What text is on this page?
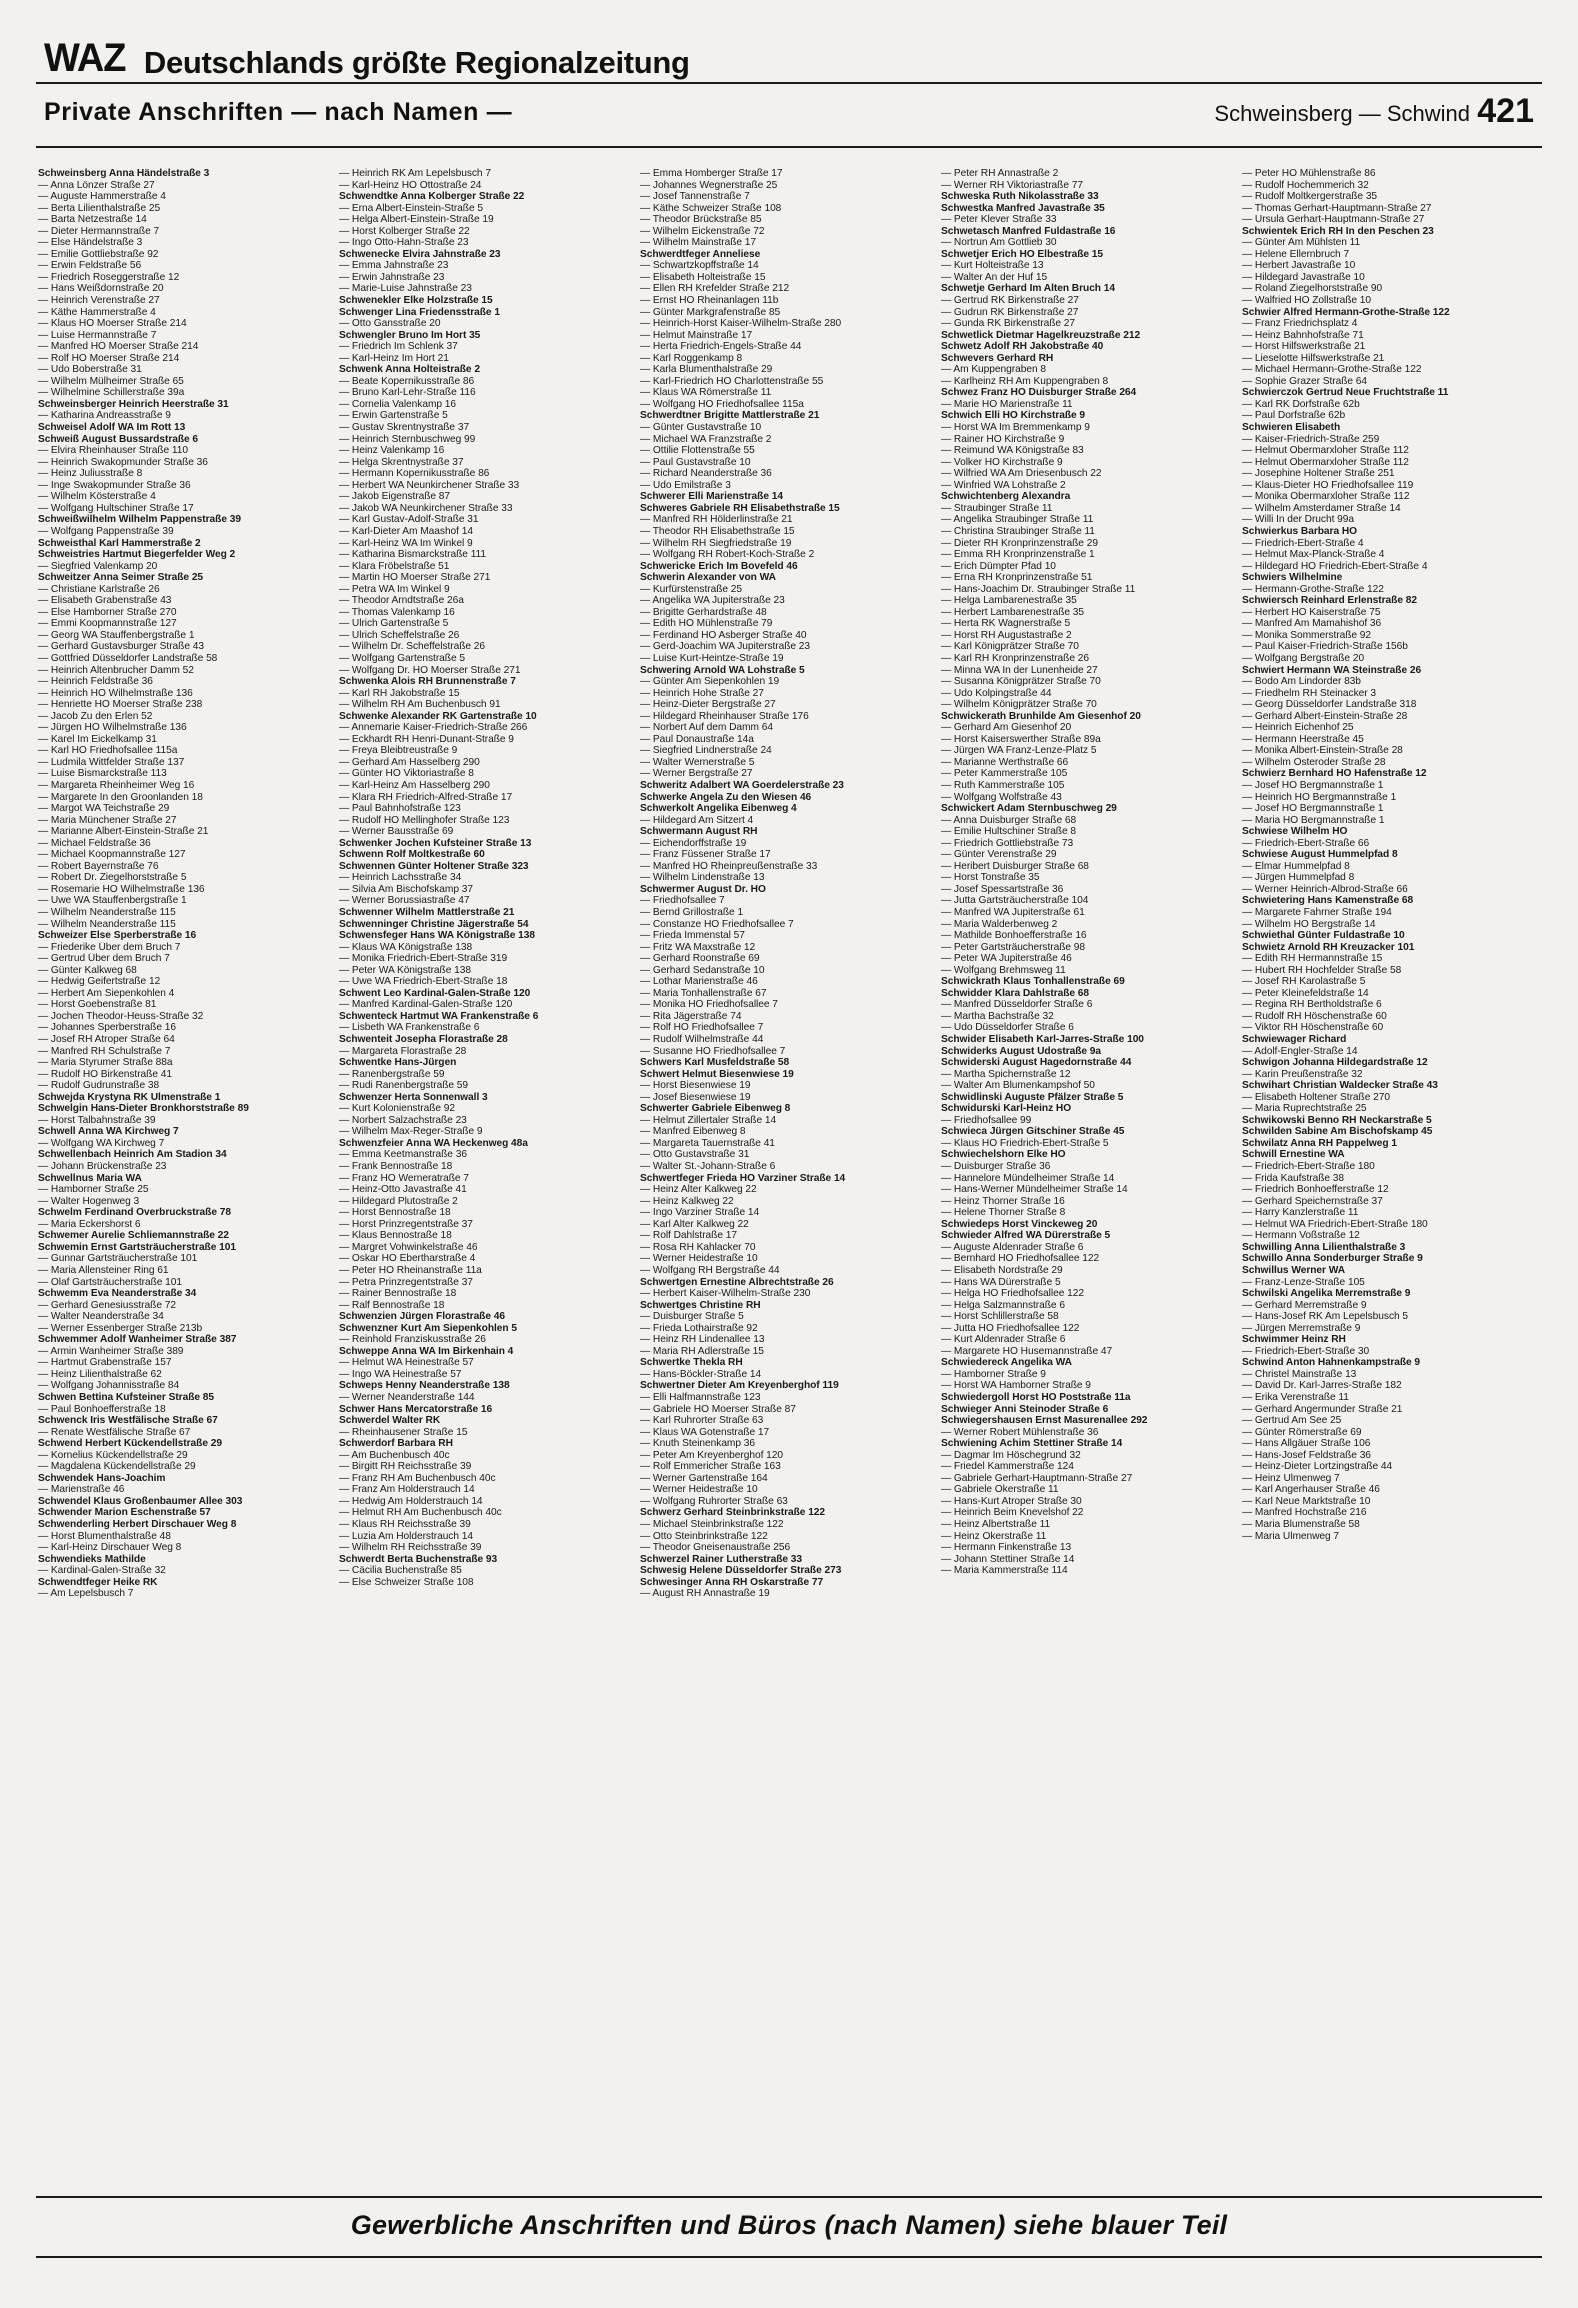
WAZ Deutschlands größte Regionalzeitung
Private Anschriften — nach Namen —	Schweinsberg — Schwind 421
Schweinsberg Anna Händelstraße 3
— Anna Lönzer Straße 27
— Auguste Hammerstraße 4
— Berta Lilienthalstraße 25
— Barta Netzestraße 14
— Dieter Hermannstraße 7
— Else Händelstraße 3
— Emilie Gottliebstraße 92
— Erwin Feldstraße 56
— Friedrich Roseggerstraße 12
— Hans Weißdornstraße 20
— Heinrich Verenstraße 27
— Käthe Hammerstraße 4
— Klaus HO Moerser Straße 214
— Luise Hermannstraße 7
— Manfred HO Moerser Straße 214
— Rolf HO Moerser Straße 214
— Udo Boberstraße 31
— Wilhelm Mülheimer Straße 65
— Wilhelmine Schillerstraße 39a
Schweinsberger Heinrich Heerstraße 31
— Katharina Andreasstraße 9
Schweisel Adolf WA Im Rott 13
Schweiß August Bussardstraße 6
— Elvira Rheinhauser Straße 110
— Heinrich Swakopmunder Straße 36
— Heinz Juliusstraße 8
— Inge Swakopmunder Straße 36
— Wilhelm Kösterstraße 4
— Wolfgang Hultschiner Straße 17
Schweißwilhelm Wilhelm Pappenstraße 39
— Wolfgang Pappenstraße 39
Schweisthal Karl Hammerstraße 2
Schweistries Hartmut Biegerfelder Weg 2
— Siegfried Valenkamp 20
Schweitzer Anna Seimer Straße 25
— Christiane Karlstraße 26
— Elisabeth Grabenstraße 43
— Else Hamborner Straße 270
— Emmi Koopmannstraße 127
— Georg WA Stauffenbergstraße 1
— Gerhard Gustavsburger Straße 43
— Gottfried Düsseldorfer Landstraße 58
— Heinrich Altenbrucher Damm 52
— Heinrich Feldstraße 36
— Heinrich HO Wilhelmstraße 136
— Henriette HO Moerser Straße 238
— Jacob Zu den Erlen 52
— Jürgen HO Wilhelmstraße 136
— Karel Im Eickelkamp 31
— Karl HO Friedhofsallee 115a
— Ludmila Wittfelder Straße 137
— Luise Bismarckstraße 113
— Margareta Rheinheimer Weg 16
— Margarete In den Groonlanden 18
— Margot WA Teichstraße 29
— Maria Münchener Straße 27
— Marianne Albert-Einstein-Straße 21
— Michael Feldstraße 36
— Michael Koopmannstraße 127
— Robert Bayernstraße 76
— Robert Dr. Ziegelhorststraße 5
— Rosemarie HO Wilhelmstraße 136
— Uwe WA Stauffenbergstraße 1
— Wilhelm Neanderstraße 115
— Wilhelm Neanderstraße 115
Schweizer Else Sperberstraße 16
— Friederike Über dem Bruch 7
— Gertrud Über dem Bruch 7
— Günter Kalkweg 68
— Hedwig Geifertstraße 12
— Herbert Am Siepenkohlen 4
— Horst Goebenstraße 81
— Jochen Theodor-Heuss-Straße 32
— Johannes Sperberstraße 16
— Josef RH Atroper Straße 64
— Manfred RH Schulstraße 7
— Maria Styrumer Straße 88a
— Rudolf HO Birkenstraße 41
— Rudolf Gudrunstraße 38
Schwejda Krystyna RK Ulmenstraße 1
Schwelgin Hans-Dieter Bronkhorststraße 89
— Horst Talbahnstraße 39
Schwell Anna WA Kirchweg 7
— Wolfgang WA Kirchweg 7
Schwellenbach Heinrich Am Stadion 34
— Johann Brückenstraße 23
Schwellnus Maria WA
— Hamborner Straße 25
— Walter Hogenweg 3
Schwelm Ferdinand Overbruckstraße 78
— Maria Eckershorst 6
Schwemer Aurelie Schliemannstraße 22
Schwemin Ernst Gartsträucherstraße 101
— Gunnar Gartsträucherstraße 101
— Maria Allensteiner Ring 61
— Olaf Gartsträucherstraße 101
Schwemm Eva Neanderstraße 34
— Gerhard Genesiusstraße 72
— Walter Neanderstraße 34
— Werner Essenberger Straße 213b
Schwemmer Adolf Wanheimer Straße 387
— Armin Wanheimer Straße 389
— Hartmut Grabenstraße 157
— Heinz Lilienthalstraße 62
— Wolfgang Johannisstraße 84
Schwen Bettina Kufsteiner Straße 85
— Paul Bonhoefferstraße 18
Schwenck Iris Westfälische Straße 67
— Renate Westfälische Straße 67
Schwend Herbert Kückendellstraße 29
— Kornelius Kückendellstraße 29
— Magdalena Kückendellstraße 29
Schwendek Hans-Joachim
— Marienstraße 46
Schwendel Klaus Großenbaumer Allee 303
Schwender Marion Eschenstraße 57
Schwenderling Herbert Dirschauer Weg 8
— Horst Blumenthalstraße 48
— Karl-Heinz Dirschauer Weg 8
Schwendieks Mathilde
— Kardinal-Galen-Straße 32
Schwendtfeger Heike RK
— Am Lepelsbusch 7
— Heinrich RK Am Lepelsbusch 7
— Karl-Heinz HO Ottostraße 24
Schwendtke Anna Kolberger Straße 22
— Erna Albert-Einstein-Straße 5
— Helga Albert-Einstein-Straße 19
— Horst Kolberger Straße 22
— Ingo Otto-Hahn-Straße 23
Schwenecke Elvira Jahnstraße 23
— Emma Jahnstraße 23
— Erwin Jahnstraße 23
— Marie-Luise Jahnstraße 23
Schwenekler Elke Holzstraße 15
Schwenger Lina Friedensstraße 1
— Otto Gansstraße 20
Schwengler Bruno Im Hort 35
— Friedrich Im Schlenk 37
— Karl-Heinz Im Hort 21
Schwenk Anna Holteistraße 2
— Beate Kopernikusstraße 86
— Bruno Karl-Lehr-Straße 116
— Cornelia Valenkamp 16
— Erwin Gartenstraße 5
— Gustav Skrentnystraße 37
— Heinrich Sternbuschweg 99
— Heinz Valenkamp 16
— Helga Skrentnystraße 37
— Hermann Kopernikusstraße 86
— Herbert WA Neunkirchener Straße 33
— Jakob Eigenstraße 87
— Jakob WA Neunkirchener Straße 33
— Karl Gustav-Adolf-Straße 31
— Karl-Dieter Am Maashof 14
— Karl-Heinz WA Im Winkel 9
— Katharina Bismarckstraße 111
— Klara Fröbelstraße 51
— Martin HO Moerser Straße 271
— Petra WA Im Winkel 9
— Theodor Arndtstraße 26a
— Thomas Valenkamp 16
— Ulrich Gartenstraße 5
— Ulrich Scheffelstraße 26
— Wilhelm Dr. Scheffelstraße 26
— Wolfgang Gartenstraße 5
— Wolfgang Dr. HO Moerser Straße 271
Schwenka Alois RH Brunnenstraße 7
— Karl RH Jakobstraße 15
— Wilhelm RH Am Buchenbusch 91
Schwenke Alexander RK Gartenstraße 10
— Annemarie Kaiser-Friedrich-Straße 266
— Eckhardt RH Henri-Dunant-Straße 9
— Freya Bleibtreustraße 9
— Gerhard Am Hasselberg 290
— Günter HO Viktoriastraße 8
— Karl-Heinz Am Hasselberg 290
— Klara RH Friedrich-Alfred-Straße 17
— Paul Bahnhofstraße 123
— Rudolf HO Mellinghofer Straße 123
— Werner Bausstraße 69
Schwenker Jochen Kufsteiner Straße 13
Schwenn Rolf Moltkestraße 60
Schwennen Günter Holtener Straße 323
— Heinrich Lachsstraße 34
— Silvia Am Bischofskamp 37
— Werner Borussiastraße 47
Schwenner Wilhelm Mattlerstraße 21
Schwenninger Christine Jägerstraße 54
Schwensfeger Hans WA Königstraße 138
— Klaus WA Königstraße 138
— Monika Friedrich-Ebert-Straße 319
— Peter WA Königstraße 138
— Uwe WA Friedrich-Ebert-Straße 18
Schwent Leo Kardinal-Galen-Straße 120
— Manfred Kardinal-Galen-Straße 120
Schwenteck Hartmut WA Frankenstraße 6
— Lisbeth WA Frankenstraße 6
Schwenteit Josepha Florastraße 28
— Margareta Florastraße 28
Schwentke Hans-Jürgen
— Ranenbergstraße 59
— Rudi Ranenbergstraße 59
Schwenzer Herta Sonnenwall 3
— Kurt Kolonienstraße 92
— Norbert Salzachstraße 23
— Wilhelm Max-Reger-Straße 9
Schwenzfeier Anna WA Heckenweg 48a
— Emma Keetmanstraße 36
— Frank Bennostraße 18
— Franz HO Werneratraße 7
— Heinz-Otto Javastraße 41
— Hildegard Plutostraße 2
— Horst Bennostraße 18
— Horst Prinzregentstraße 37
— Klaus Bennostraße 18
— Margret Vohwinkelstraße 46
— Oskar HO Ebertharstraße 4
— Peter HO Rheinanstraße 11a
— Petra Prinzregentstraße 37
— Rainer Bennostraße 18
— Ralf Bennostraße 18
Schwenzien Jürgen Florastraße 46
Schwenzner Kurt Am Siepenkohlen 5
— Reinhold Franziskusstraße 26
Schweppe Anna WA Im Birkenhain 4
— Helmut WA Heinestraße 57
— Ingo WA Heinestraße 57
Schweps Henny Neanderstraße 138
— Werner Neanderstraße 144
Schwer Hans Mercatorstraße 16
Schwerdel Walter RK
— Rheinhausener Straße 15
Schwerdorf Barbara RH
— Am Buchenbusch 40c
— Birgitt RH Reichsstraße 39
— Franz RH Am Buchenbusch 40c
— Franz Am Holderstrauch 14
— Hedwig Am Holderstrauch 14
— Helmut RH Am Buchenbusch 40c
— Klaus RH Reichsstraße 39
— Luzia Am Holderstrauch 14
— Wilhelm RH Reichsstraße 39
Schwerdt Berta Buchenstraße 93
— Cäcilia Buchenstraße 85
— Else Schweizer Straße 108
— Emma Homberger Straße 17
— Johannes Wegnerstraße 25
— Josef Tannenstraße 7
— Käthe Schweizer Straße 108
— Theodor Brückstraße 85
— Wilhelm Eickenstraße 72
— Wilhelm Mainstraße 17
Schwerdtfeger Anneliese
— Schwartzkopffstraße 14
— Elisabeth Holteistraße 15
— Ellen RH Krefelder Straße 212
— Ernst HO Rheinanlagen 11b
— Günter Markgrafenstraße 85
— Heinrich-Horst Kaiser-Wilhelm-Straße 280
— Helmut Mainstraße 17
— Herta Friedrich-Engels-Straße 44
— Karl Roggenkamp 8
— Karla Blumenthalstraße 29
— Karl-Friedrich HO Charlottenstraße 55
— Klaus WA Römerstraße 11
— Wolfgang HO Friedhofsallee 115a
Schwerdtner Brigitte Mattlerstraße 21
— Günter Gustavstraße 10
— Michael WA Franzstraße 2
— Ottilie Flottenstraße 55
— Paul Gustavstraße 10
— Richard Neanderstraße 36
— Udo Emilstraße 3
Schwerer Elli Marienstraße 14
Schweres Gabriele RH Elisabethstraße 15
— Manfred RH Hölderlinstraße 21
— Theodor RH Elisabethstraße 15
— Wilhelm RH Siegfriedstraße 19
— Wolfgang RH Robert-Koch-Straße 2
Schwericke Erich Im Bovefeld 46
Schwerin Alexander von WA
— Kurfürstenstraße 25
— Angelika WA Jupiterstraße 23
— Brigitte Gerhardstraße 48
— Edith HO Mühlenstraße 79
— Ferdinand HO Asberger Straße 40
— Gerd-Joachim WA Jupiterstraße 23
— Luise Kurt-Heintze-Straße 19
Schwering Arnold WA Lohstraße 5
— Günter Am Siepenkohlen 19
— Heinrich Hohe Straße 27
— Heinz-Dieter Bergstraße 27
— Hildegard Rheinhauser Straße 176
— Norbert Auf dem Damm 64
— Paul Donaustraße 14a
— Siegfried Lindnerstraße 24
— Walter Wernerstraße 5
— Werner Bergstraße 27
Schweritz Adalbert WA Goerdelerstraße 23
Schwerke Angela Zu den Wiesen 46
Schwerkolt Angelika Eibenweg 4
— Hildegard Am Sitzert 4
Schwermann August RH
— Eichendorffstraße 19
— Franz Füssener Straße 17
— Manfred HO Rheinpreußenstraße 33
— Wilhelm Lindenstraße 13
Schwermer August Dr. HO
— Friedhofsallee 7
— Bernd Grillostraße 1
— Constanze HO Friedhofsallee 7
— Frieda Immenstal 57
— Fritz WA Maxstraße 12
— Gerhard Roonstraße 69
— Gerhard Sedanstraße 10
— Lothar Marienstraße 46
— Maria Tonhallenstraße 67
— Monika HO Friedhofsallee 7
— Rita Jägerstraße 74
— Rolf HO Friedhofsallee 7
— Rudolf Wilhelmstraße 44
— Susanne HO Friedhofsallee 7
Schwers Karl Musfeldstraße 58
Schwert Helmut Biesenwiese 19
— Horst Biesenwiese 19
— Josef Biesenwiese 19
Schwerter Gabriele Eibenweg 8
— Helmut Zillertaler Straße 14
— Manfred Eibenweg 8
— Margareta Tauernstraße 41
— Otto Gustavstraße 31
— Walter St.-Johann-Straße 6
Schwertfeger Frieda HO Varziner Straße 14
— Heinz Alter Kalkweg 22
— Heinz Kalkweg 22
— Ingo Varziner Straße 14
— Karl Alter Kalkweg 22
— Rolf Dahlstraße 17
— Rosa RH Kahlacker 70
— Werner Heidestraße 10
— Wolfgang RH Bergstraße 44
Schwertgen Ernestine Albrechtstraße 26
— Herbert Kaiser-Wilhelm-Straße 230
Schwertges Christine RH
— Duisburger Straße 5
— Frieda Lothairstraße 92
— Heinz RH Lindenallee 13
— Maria RH Adlerstraße 15
Schwertke Thekla RH
— Hans-Böckler-Straße 14
Schwertner Dieter Am Kreyenberghof 119
— Elli Halfmannstraße 123
— Gabriele HO Moerser Straße 87
— Karl Ruhrorter Straße 63
— Klaus WA Gotenstraße 17
— Knuth Steinenkamp 36
— Peter Am Kreyenberghof 120
— Rolf Emmericher Straße 163
— Werner Gartenstraße 164
— Werner Heidestraße 10
— Wolfgang Ruhrorter Straße 63
Schwerz Gerhard Steinbrinkstraße 122
— Michael Steinbrinkstraße 122
— Otto Steinbrinkstraße 122
— Theodor Gneisenaustraße 256
Schwerzel Rainer Lutherstraße 33
Schwesig Helene Düsseldorfer Straße 273
Schwesinger Anna RH Oskarstraße 77
— August RH Annastraße 19
— Peter RH Annastraße 2
— Werner RH Viktoriastraße 77
Schweska Ruth Nikolasstraße 33
Schwestka Manfred Javastraße 35
— Peter Klever Straße 33
Schwetasch Manfred Fuldastraße 16
— Nortrun Am Gottlieb 30
Schwetjer Erich HO Elbestraße 15
— Kurt Holteistraße 13
— Walter An der Huf 15
Schwetje Gerhard Im Alten Bruch 14
— Gertrud RK Birkenstraße 27
— Gudrun RK Birkenstraße 27
— Gunda RK Birkenstraße 27
Schwetlick Dietmar Hagelkreuzstraße 212
Schwetz Adolf RH Jakobstraße 40
Schwevers Gerhard RH
— Am Kuppengraben 8
— Karlheinz RH Am Kuppengraben 8
Schwez Franz HO Duisburger Straße 264
— Marie HO Marienstraße 11
Schwich Elli HO Kirchstraße 9
— Horst WA Im Bremmenkamp 9
— Rainer HO Kirchstraße 9
— Reimund WA Königstraße 83
— Volker HO Kirchstraße 9
— Wilfried WA Am Driesenbusch 22
— Winfried WA Lohstraße 2
Schwichtenberg Alexandra
— Straubinger Straße 11
— Angelika Straubinger Straße 11
— Christina Straubinger Straße 11
— Dieter RH Kronprinzenstraße 29
— Emma RH Kronprinzenstraße 1
— Erich Dümpter Pfad 10
— Erna RH Kronprinzenstraße 51
— Hans-Joachim Dr. Straubinger Straße 11
— Helga Lambarenestraße 35
— Herbert Lambarenestraße 35
— Herta RK Wagnerstraße 5
— Horst RH Augustastraße 2
— Karl Königprätzer Straße 70
— Karl RH Kronprinzenstraße 26
— Minna WA In der Lunenheide 27
— Susanna Königprätzer Straße 70
— Udo Kolpingstraße 44
— Wilhelm Königprätzer Straße 70
Schwickerath Brunhilde Am Giesenhof 20
— Gerhard Am Giesenhof 20
— Horst Kaiserswerther Straße 89a
— Jürgen WA Franz-Lenze-Platz 5
— Marianne Werthstraße 66
— Peter Kammerstraße 105
— Ruth Kammerstraße 105
— Wolfgang Wolfstraße 43
Schwickert Adam Sternbuschweg 29
— Anna Duisburger Straße 68
— Emilie Hultschiner Straße 8
— Friedrich Gottliebstraße 73
— Günter Verenstraße 29
— Heribert Duisburger Straße 68
— Horst Tonstraße 35
— Josef Spessartstraße 36
— Jutta Gartsträucherstraße 104
— Manfred WA Jupiterstraße 61
— Maria Walderbenweg 2
— Mathilde Bonhoefferstraße 16
— Peter Gartsträucherstraße 98
— Peter WA Jupiterstraße 46
— Wolfgang Brehmsweg 11
Schwickrath Klaus Tonhallenstraße 69
Schwidder Klara Dahlstraße 68
— Manfred Düsseldorfer Straße 6
— Martha Bachstraße 32
— Udo Düsseldorfer Straße 6
Schwider Elisabeth Karl-Jarres-Straße 100
Schwiderks August Udostraße 9a
Schwiderski August Hagedornstraße 44
— Martha Spichernstraße 12
— Walter Am Blumenkampshof 50
Schwidlinski Auguste Pfälzer Straße 5
Schwidurski Karl-Heinz HO
— Friedhofsallee 99
Schwieca Jürgen Gitschiner Straße 45
— Klaus HO Friedrich-Ebert-Straße 5
Schwiechelshorn Elke HO
— Duisburger Straße 36
— Hannelore Mündelheimer Straße 14
— Hans-Werner Mündelheimer Straße 14
— Heinz Thorner Straße 16
— Helene Thorner Straße 8
Schwiedeps Horst Vinckeweg 20
Schwieder Alfred WA Dürerstraße 5
— Auguste Aldenrader Straße 6
— Bernhard HO Friedhofsallee 122
— Elisabeth Nordstraße 29
— Hans WA Dürerstraße 5
— Helga HO Friedhofsallee 122
— Helga Salzmannstraße 6
— Horst Schlillerstraße 58
— Jutta HO Friedhofsallee 122
— Kurt Aldenrader Straße 6
— Margarete HO Husemannstraße 47
Schwiedereck Angelika WA
— Hamborner Straße 9
— Horst WA Hamborner Straße 9
Schwiedergoll Horst HO Poststraße 11a
Schwieger Anni Steinoder Straße 6
Schwiegershausen Ernst Masurenallee 292
— Werner Robert Mühlenstraße 36
Schwiening Achim Stettiner Straße 14
— Dagmar Im Höschegrund 32
— Friedel Kammerstraße 124
— Gabriele Gerhart-Hauptmann-Straße 27
— Gabriele Okerstraße 11
— Hans-Kurt Atroper Straße 30
— Heinrich Beim Knevelshof 22
— Heinz Albertstraße 11
— Heinz Okerstraße 11
— Hermann Finkenstraße 13
— Johann Stettiner Straße 14
— Maria Kammerstraße 114
— Peter HO Mühlenstraße 86
— Rudolf Hochemmerich 32
— Rudolf Moltkergerstraße 35
— Thomas Gerhart-Hauptmann-Straße 27
— Ursula Gerhart-Hauptmann-Straße 27
Schwientek Erich RH In den Peschen 23
— Günter Am Mühlsten 11
— Helene Ellernbruch 7
— Herbert Javastraße 10
— Hildegard Javastraße 10
— Roland Ziegelhorststraße 90
— Walfried HO Zollstraße 10
Schwier Alfred Hermann-Grothe-Straße 122
— Franz Friedrichsplatz 4
— Heinz Bahnhofstraße 71
— Horst Hilfswerkstraße 21
— Lieselotte Hilfswerkstraße 21
— Michael Hermann-Grothe-Straße 122
— Sophie Grazer Straße 64
Schwierczok Gertrud Neue Fruchtstraße 11
— Karl RK Dorfstraße 62b
— Paul Dorfstraße 62b
Schwieren Elisabeth
— Kaiser-Friedrich-Straße 259
— Helmut Obermarxloher Straße 112
— Helmut Obermarxloher Straße 112
— Josephine Holtener Straße 251
— Klaus-Dieter HO Friedhofsallee 119
— Monika Obermarxloher Straße 112
— Wilhelm Amsterdamer Straße 14
— Willi In der Drucht 99a
Schwierkus Barbara HO
— Friedrich-Ebert-Straße 4
— Helmut Max-Planck-Straße 4
— Hildegard HO Friedrich-Ebert-Straße 4
Schwiers Wilhelmine
— Hermann-Grothe-Straße 122
Schwiersch Reinhard Erlenstraße 82
— Herbert HO Kaiserstraße 75
— Manfred Am Mamahishof 36
— Monika Sommerstraße 92
— Paul Kaiser-Friedrich-Straße 156b
— Wolfgang Bergstraße 20
Schwiert Hermann WA Steinstraße 26
— Bodo Am Lindorder 83b
— Friedhelm RH Steinacker 3
— Georg Düsseldorfer Landstraße 318
— Gerhard Albert-Einstein-Straße 28
— Heinrich Eichenhof 25
— Hermann Heerstraße 45
— Monika Albert-Einstein-Straße 28
— Wilhelm Osteroder Straße 28
Schwierz Bernhard HO Hafenstraße 12
— Josef HO Bergmannstraße 1
— Heinrich HO Bergmannstraße 1
— Josef HO Bergmannstraße 1
— Maria HO Bergmannstraße 1
Schwiese Wilhelm HO
— Friedrich-Ebert-Straße 66
Schwiese August Hummelpfad 8
— Elmar Hummelpfad 8
— Jürgen Hummelpfad 8
— Werner Heinrich-Albrod-Straße 66
Schwietering Hans Kamenstraße 68
— Margarete Fahrner Straße 194
— Wilhelm HO Bergstraße 14
Schwiethal Günter Fuldastraße 10
Schwietz Arnold RH Kreuzacker 101
— Edith RH Hermannstraße 15
— Hubert RH Hochfelder Straße 58
— Josef RH Karolastraße 5
— Peter Kleinefeldstraße 14
— Regina RH Bertholdstraße 6
— Rudolf RH Höschenstraße 60
— Viktor RH Höschenstraße 60
Schwiewager Richard
— Adolf-Engler-Straße 14
Schwigon Johanna Hildegardstraße 12
— Karin Preußenstraße 32
Schwihart Christian Waldecker Straße 43
— Elisabeth Holtener Straße 270
— Maria Ruprechtstraße 25
Schwikowski Benno RH Neckarstraße 5
Schwilden Sabine Am Bischofskamp 45
Schwilatz Anna RH Pappelweg 1
Schwill Ernestine WA
— Friedrich-Ebert-Straße 180
— Frida Kaufstraße 38
— Friedrich Bonhoefferstraße 12
— Gerhard Speichernstraße 37
— Harry Kanzlerstraße 11
— Helmut WA Friedrich-Ebert-Straße 180
— Hermann Voßstraße 12
Schwilling Anna Lilienthalstraße 3
Schwillo Anna Sonderburger Straße 9
Schwillus Werner WA
— Franz-Lenze-Straße 105
Schwilski Angelika Merremstraße 9
— Gerhard Merremstraße 9
— Hans-Josef RK Am Lepelsbusch 5
— Jürgen Merremstraße 9
Schwimmer Heinz RH
— Friedrich-Ebert-Straße 30
Schwind Anton Hahnenkampstraße 9
— Christel Mainstraße 13
— David Dr. Karl-Jarres-Straße 182
— Erika Verenstraße 11
— Gerhard Angermunder Straße 21
— Gertrud Am See 25
— Günter Römerstraße 69
— Hans Allgäuer Straße 106
— Hans-Josef Feldstraße 36
— Heinz-Dieter Lortzingstraße 44
— Heinz Ulmenweg 7
— Karl Angerhauser Straße 46
— Karl Neue Marktstraße 10
— Manfred Hochstraße 216
— Maria Blumenstraße 58
— Maria Ulmenweg 7
Gewerbliche Anschriften und Büros (nach Namen) siehe blauer Teil
